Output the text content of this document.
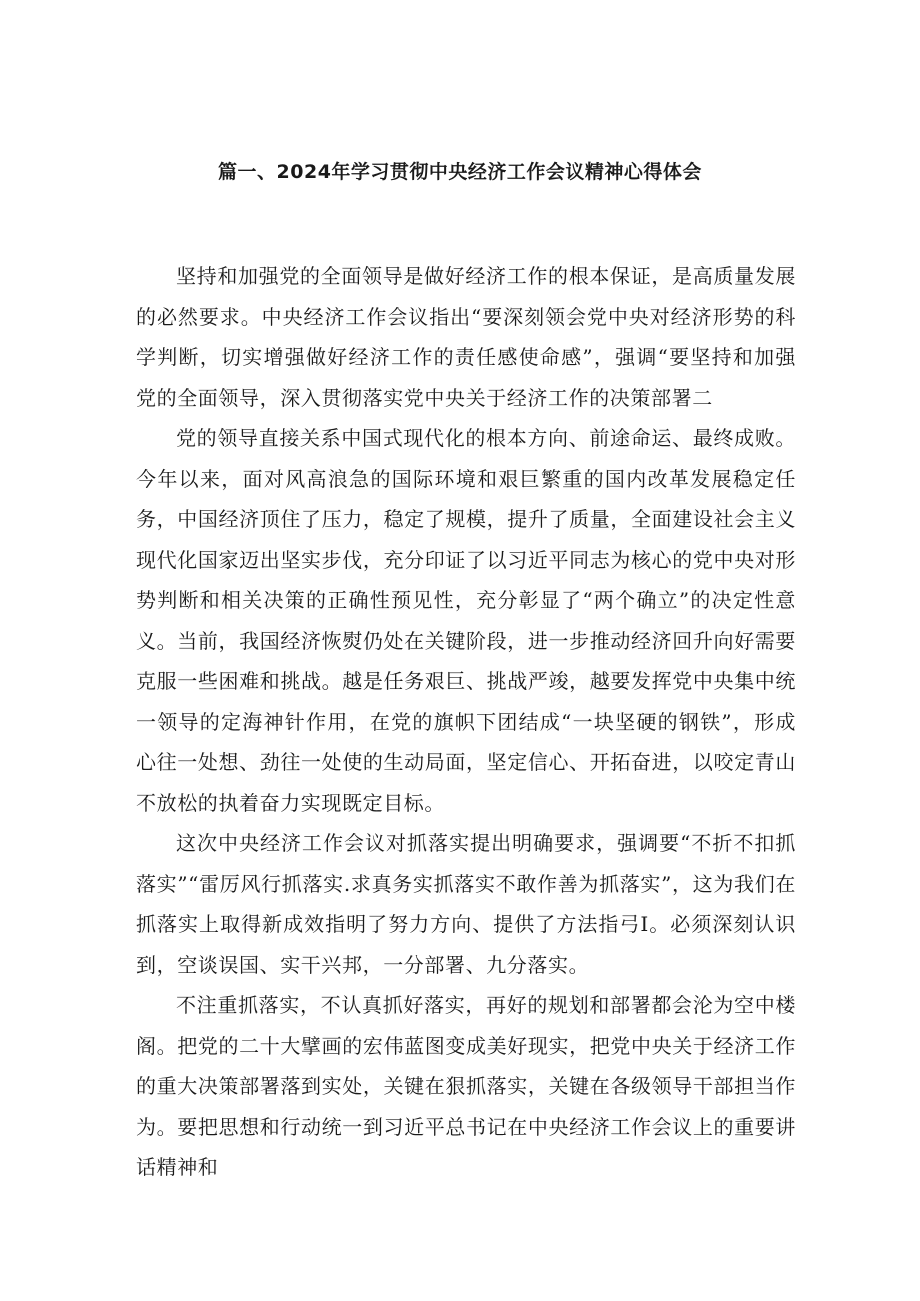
篇一、2024年学习贯彻中央经济工作会议精神心得体会

坚持和加强党的全面领导是做好经济工作的根本保证，是高质量发展的必然要求。中央经济工作会议指出“要深刻领会党中央对经济形势的科学判断，切实增强做好经济工作的责任感使命感”，强调“要坚持和加强党的全面领导，深入贯彻落实党中央关于经济工作的决策部署二

党的领导直接关系中国式现代化的根本方向、前途命运、最终成败。今年以来，面对风高浪急的国际环境和艰巨繁重的国内改革发展稳定任务，中国经济顶住了压力，稳定了规模，提升了质量，全面建设社会主义现代化国家迈出坚实步伐，充分印证了以习近平同志为核心的党中央对形势判断和相关决策的正确性预见性，充分彰显了“两个确立”的决定性意义。当前，我国经济恢熨仍处在关键阶段，进一步推动经济回升向好需要克服一些困难和挑战。越是任务艰巨、挑战严竣，越要发挥党中央集中统一领导的定海神针作用，在党的旗帜下团结成“一块坚硬的钢铁”，形成心往一处想、劲往一处使的生动局面，坚定信心、开拓奋进，以咬定青山不放松的执着奋力实现既定目标。

这次中央经济工作会议对抓落实提出明确要求，强调要“不折不扣抓落实”“雷厉风行抓落实.求真务实抓落实不敢作善为抓落实”，这为我们在抓落实上取得新成效指明了努力方向、提供了方法指弓I。必须深刻认识到，空谈误国、实干兴邦，一分部署、九分落实。

不注重抓落实，不认真抓好落实，再好的规划和部署都会沦为空中楼阁。把党的二十大擘画的宏伟蓝图变成美好现实，把党中央关于经济工作的重大决策部署落到实处，关键在狠抓落实，关键在各级领导干部担当作为。要把思想和行动统一到习近平总书记在中央经济工作会议上的重要讲话精神和
